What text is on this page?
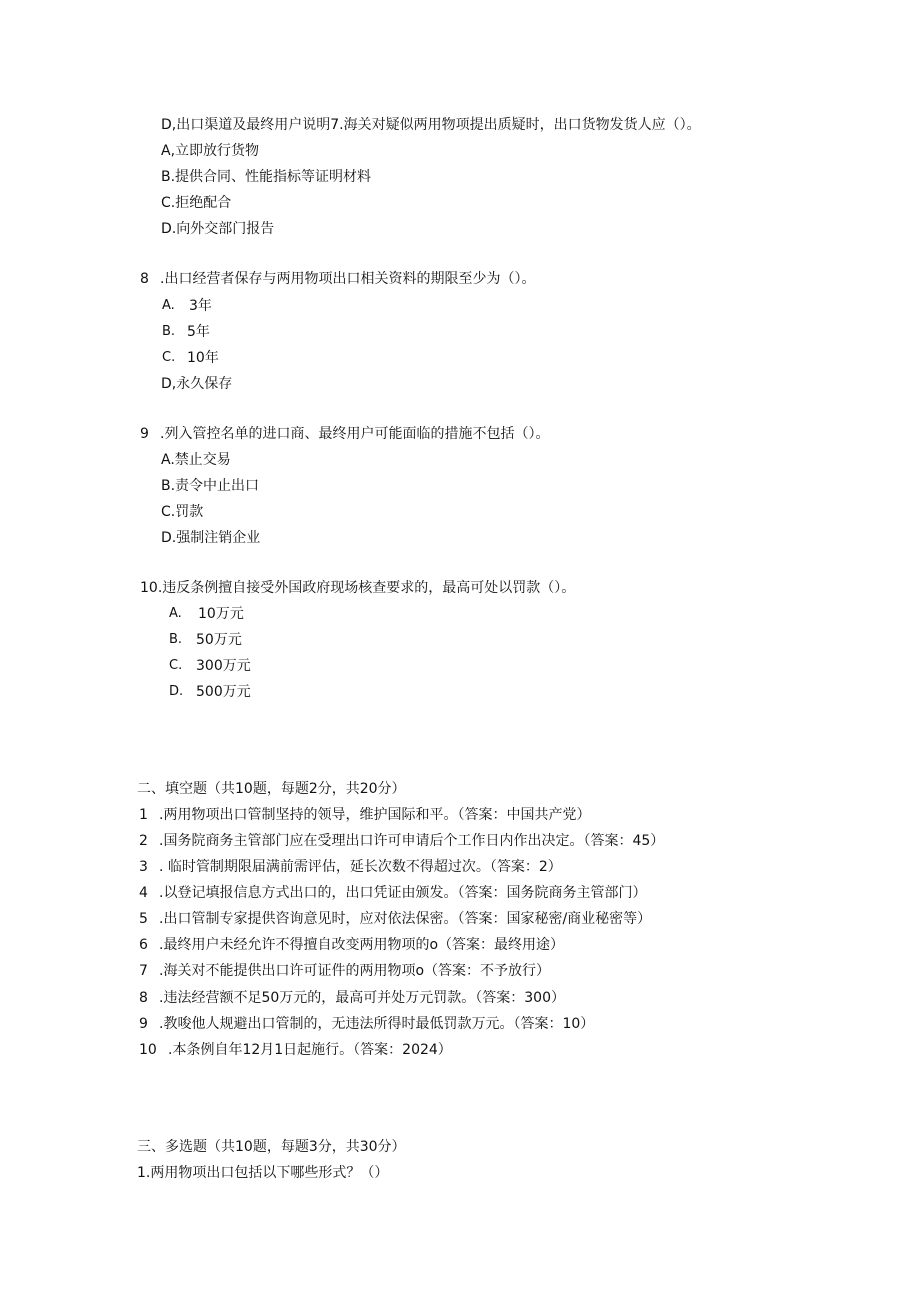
D,出口渠道及最终用户说明7.海关对疑似两用物项提出质疑时，出口货物发货人应（）。
A,立即放行货物
B.提供合同、性能指标等证明材料
C.拒绝配合
D.向外交部门报告
8 .出口经营者保存与两用物项出口相关资料的期限至少为（）。
A. 3年
B. 5年
C. 10年
D,永久保存
9 .列入管控名单的进口商、最终用户可能面临的措施不包括（）。
A.禁止交易
B.责令中止出口
C.罚款
D.强制注销企业
10.违反条例擅自接受外国政府现场核查要求的，最高可处以罚款（）。
A. 10万元
B. 50万元
C. 300万元
D. 500万元
二、填空题（共10题，每题2分，共20分）
1 .两用物项出口管制坚持的领导，维护国际和平。（答案：中国共产党）
2 .国务院商务主管部门应在受理出口许可申请后个工作日内作出决定。（答案：45）
3 . 临时管制期限届满前需评估，延长次数不得超过次。（答案：2）
4 .以登记填报信息方式出口的，出口凭证由颁发。（答案：国务院商务主管部门）
5 .出口管制专家提供咨询意见时，应对依法保密。（答案：国家秘密/商业秘密等）
6 .最终用户未经允许不得擅自改变两用物项的o（答案：最终用途）
7 .海关对不能提供出口许可证件的两用物项o（答案：不予放行）
8 .违法经营额不足50万元的，最高可并处万元罚款。（答案：300）
9 .教唆他人规避出口管制的，无违法所得时最低罚款万元。（答案：10）
10 .本条例自年12月1日起施行。（答案：2024）
三、多选题（共10题，每题3分，共30分）
1.两用物项出口包括以下哪些形式？（）
